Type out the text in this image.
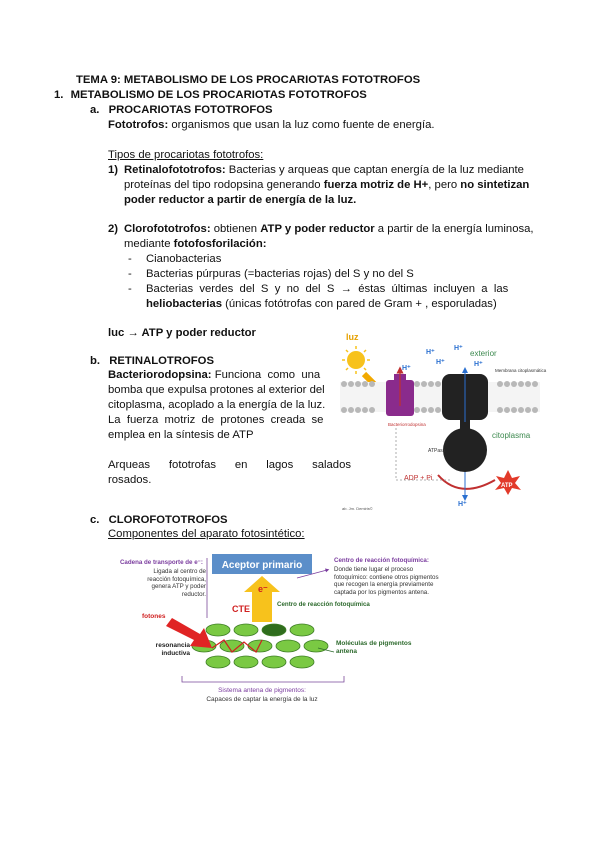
TEMA 9: METABOLISMO DE LOS PROCARIOTAS FOTOTROFOS
1. METABOLISMO DE LOS PROCARIOTAS FOTOTROFOS
a. PROCARIOTAS FOTOTROFOS
Fototrofos: organismos que usan la luz como fuente de energía.
Tipos de procariotas fototrofos:
1) Retinalofototrofos: Bacterias y arqueas que captan energía de la luz mediante
proteínas del tipo rodopsina generando fuerza motriz de H+, pero no sintetizan
poder reductor a partir de energía de la luz.
2) Clorofototrofos: obtienen ATP y poder reductor a partir de la energía luminosa,
mediante fotofosforilación:
- Cianobacterias
- Bacterias púrpuras (=bacterias rojas) del S y no del S
- Bacterias  verdes  del  S  y  no  del  S  →  éstas  últimas  incluyen  a  las
heliobacterias (únicas fotótrofas con pared de Gram + , esporuladas)
luc → ATP y poder reductor
b. RETINALOTROFOS
Bacteriorodopsina: Funciona  como  una
bomba que expulsa protones al exterior del
citoplasma, acoplado a la energía de la luz.
La  fuerza  motriz  de  protones  creada  se
emplea en la síntesis de ATP
Arqueas      fototrofas      en      lagos      salados
rosados.
luz
Bacteriorrodopsina
ATPasa
H⁺
H⁺
H⁺
H⁺
H⁺
H⁺
exterior
Membrana citoplasmática
citoplasma
ADP + Pi
ATP
ab. Jm. Demiris©
c. CLOROFOTOTROFOS
Componentes del aparato fotosintético:
Cadena de transporte de e⁻:
Ligada al centro de reacción fotoquímica, genera ATP y poder reductor.
Aceptor primario
e⁻
CTE	Centro de reacción fotoquímica
Centro de reacción fotoquímica:
Donde tiene lugar el proceso fotoquímico: contiene otros pigmentos que recogen la energía previamente captada por los pigmentos antena.
fotones
resonancia inductiva
Moléculas de pigmentos antena
Sistema antena de pigmentos:
Capaces de captar la energía de la luz
